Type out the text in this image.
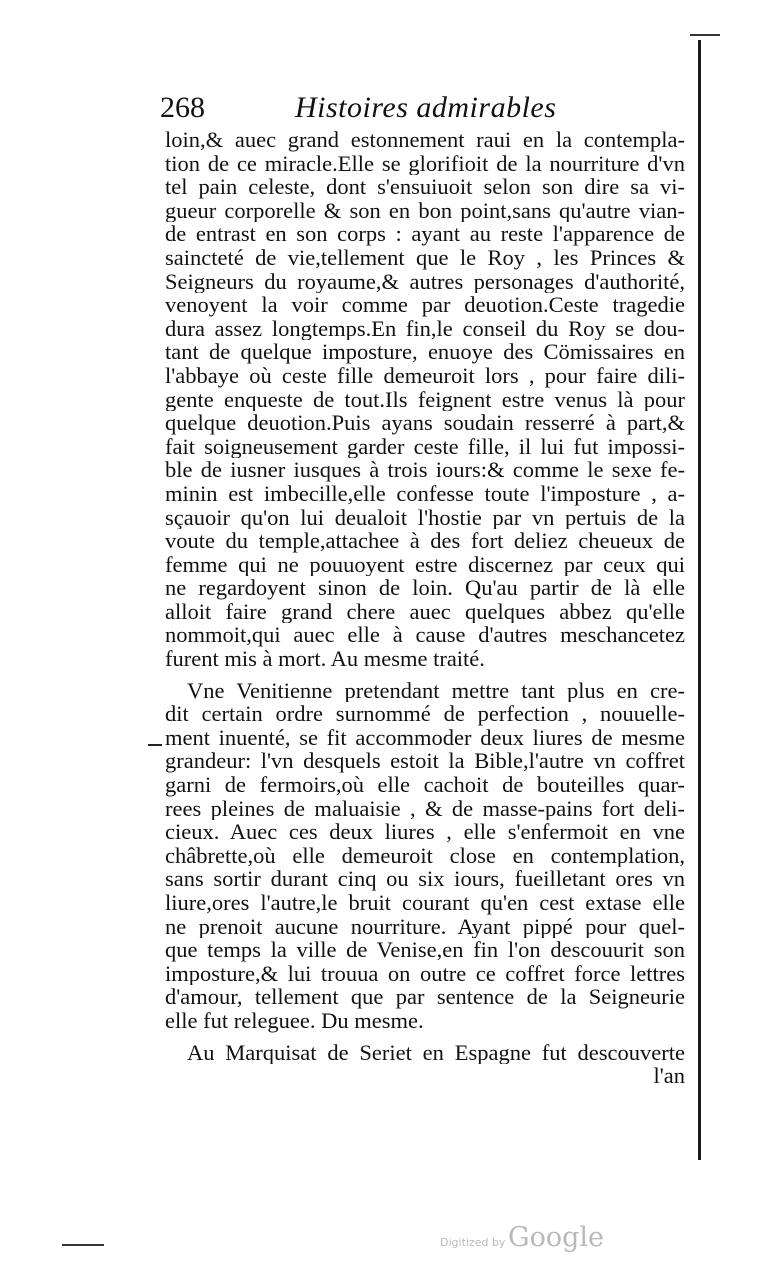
268	Histoires admirables
loin,& auec grand estonnement raui en la contempla-
tion de ce miracle.Elle se glorifioit de la nourriture d'vn
tel pain celeste, dont s'ensuiuoit selon son dire sa vi-
gueur corporelle & son en bon point,sans qu'autre vian-
de entrast en son corps : ayant au reste l'apparence de
saincteté de vie,tellement que le Roy , les Princes &
Seigneurs du royaume,& autres personages d'authorité,
venoyent la voir comme par deuotion.Ceste tragedie
dura assez longtemps.En fin,le conseil du Roy se dou-
tant de quelque imposture, enuoye des Cömissaires en
l'abbaye où ceste fille demeuroit lors , pour faire dili-
gente enqueste de tout.Ils feignent estre venus là pour
quelque deuotion.Puis ayans soudain resserré à part,&
fait soigneusement garder ceste fille, il lui fut impossi-
ble de iusner iusques à trois iours:& comme le sexe fe-
minin est imbecille,elle confesse toute l'imposture , a-
sçauoir qu'on lui deualoit l'hostie par vn pertuis de la
voute du temple,attachee à des fort deliez cheueux de
femme qui ne pouuoyent estre discernez par ceux qui
ne regardoyent sinon de loin. Qu'au partir de là elle
alloit faire grand chere auec quelques abbez qu'elle
nommoit,qui auec elle à cause d'autres meschancetez
furent mis à mort. Au mesme traité.
Vne Venitienne pretendant mettre tant plus en cre-
dit certain ordre surnommé de perfection , nouuelle-
ment inuenté, se fit accommoder deux liures de mesme
grandeur: l'vn desquels estoit la Bible,l'autre vn coffret
garni de fermoirs,où elle cachoit de bouteilles quar-
rees pleines de maluaisie , & de masse-pains fort deli-
cieux. Auec ces deux liures , elle s'enfermoit en vne
châbrette,où elle demeuroit close en contemplation,
sans sortir durant cinq ou six iours, fueilletant ores vn
liure,ores l'autre,le bruit courant qu'en cest extase elle
ne prenoit aucune nourriture. Ayant pippé pour quel-
que temps la ville de Venise,en fin l'on descouurit son
imposture,& lui trouua on outre ce coffret force lettres
d'amour, tellement que par sentence de la Seigneurie
elle fut releguee. Du mesme.
Au Marquisat de Seriet en Espagne fut descouverte
l'an
Digitized by Google
